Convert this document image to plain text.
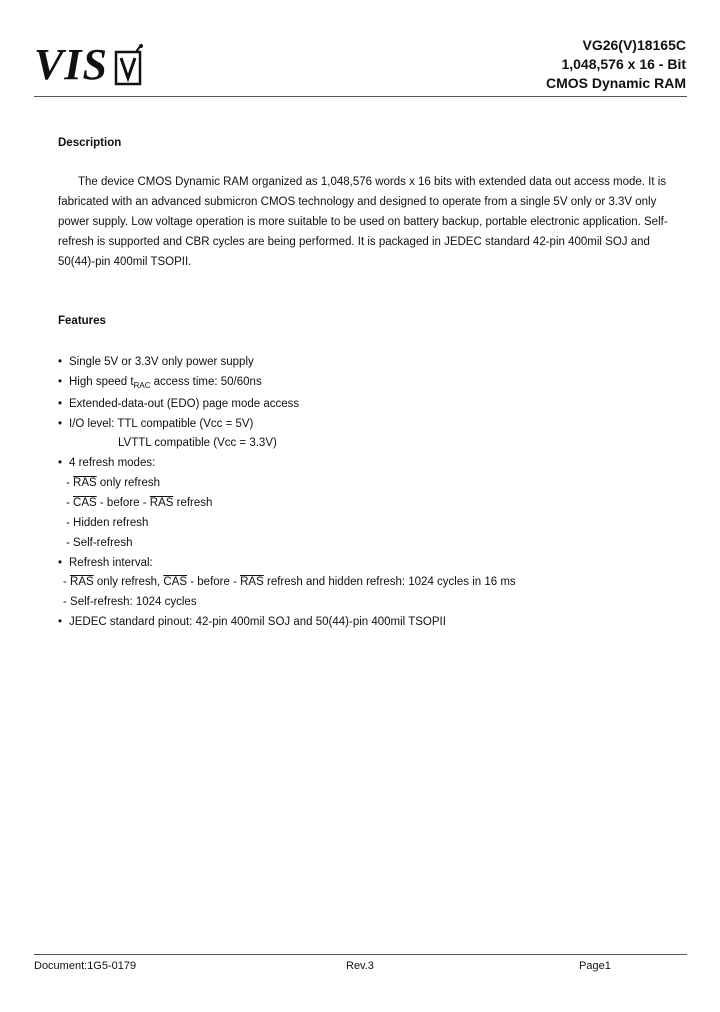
VIS	VG26(V)18165C
1,048,576 x 16 - Bit
CMOS Dynamic RAM
Description

The device CMOS Dynamic RAM organized as 1,048,576 words x 16 bits with extended data out access mode. It is fabricated with an advanced submicron CMOS technology and designed to operate from a single 5V only or 3.3V only power supply. Low voltage operation is more suitable to be used on battery backup, portable electronic application. Self-refresh is supported and CBR cycles are being performed. It is packaged in JEDEC standard 42-pin 400mil SOJ and 50(44)-pin 400mil TSOPII.

Features
• Single 5V or 3.3V only power supply
• High speed $t_{RAC}$ access time: 50/60ns
• Extended-data-out (EDO) page mode access
• I/O level: TTL compatible (Vcc = 5V)
LVTTL compatible (Vcc = 3.3V)
• 4 refresh modes:
- $\overline{RAS}$ only refresh
- $\overline{CAS}$ - before - $\overline{RAS}$ refresh
- Hidden refresh
- Self-refresh
• Refresh interval:
- $\overline{RAS}$ only refresh, $\overline{CAS}$ - before - $\overline{RAS}$ refresh and hidden refresh: 1024 cycles in 16 ms
- Self-refresh: 1024 cycles
• JEDEC standard pinout: 42-pin 400mil SOJ and 50(44)-pin 400mil TSOPII
Document:1G5-0179	Rev.3	Page1
